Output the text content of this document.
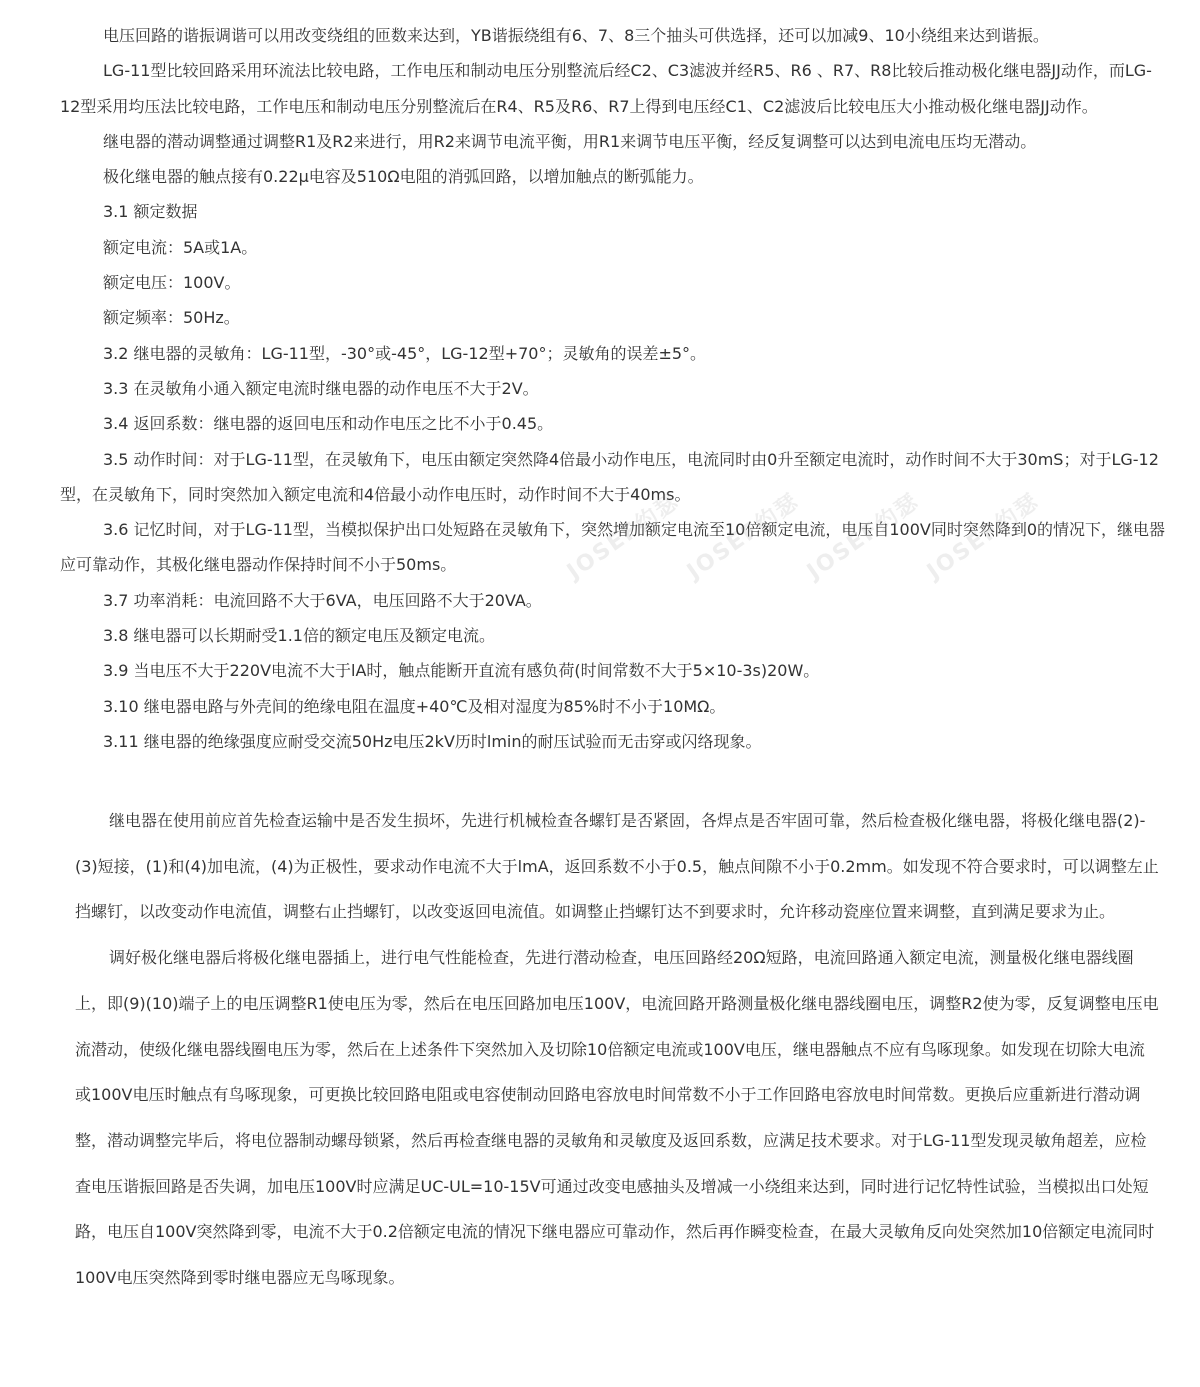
电压回路的谐振调谐可以用改变绕组的匝数来达到，YB谐振绕组有6、7、8三个抽头可供选择，还可以加减9、10小绕组来达到谐振。

LG-11型比较回路采用环流法比较电路，工作电压和制动电压分别整流后经C2、C3滤波并经R5、R6 、R7、R8比较后推动极化继电器JJ动作，而LG-12型采用均压法比较电路，工作电压和制动电压分别整流后在R4、R5及R6、R7上得到电压经C1、C2滤波后比较电压大小推动极化继电器JJ动作。

继电器的潜动调整通过调整R1及R2来进行，用R2来调节电流平衡，用R1来调节电压平衡，经反复调整可以达到电流电压均无潜动。

极化继电器的触点接有0.22μ电容及510Ω电阻的消弧回路，以增加触点的断弧能力。

3.1 额定数据

额定电流：5A或1A。

额定电压：100V。

额定频率：50Hz。

3.2 继电器的灵敏角：LG-11型，-30°或-45°，LG-12型+70°；灵敏角的误差±5°。

3.3 在灵敏角小通入额定电流时继电器的动作电压不大于2V。

3.4 返回系数：继电器的返回电压和动作电压之比不小于0.45。

3.5 动作时间：对于LG-11型，在灵敏角下，电压由额定突然降4倍最小动作电压，电流同时由0升至额定电流时，动作时间不大于30mS；对于LG-12型，在灵敏角下，同时突然加入额定电流和4倍最小动作电压时，动作时间不大于40ms。

3.6 记忆时间，对于LG-11型，当模拟保护出口处短路在灵敏角下，突然增加额定电流至10倍额定电流，电压自100V同时突然降到0的情况下，继电器应可靠动作，其极化继电器动作保持时间不小于50ms。

3.7 功率消耗：电流回路不大于6VA，电压回路不大于20VA。

3.8 继电器可以长期耐受1.1倍的额定电压及额定电流。

3.9 当电压不大于220V电流不大于lA时，触点能断开直流有感负荷(时间常数不大于5×10-3s)20W。

3.10 继电器电路与外壳间的绝缘电阻在温度+40℃及相对湿度为85%时不小于10MΩ。

3.11 继电器的绝缘强度应耐受交流50Hz电压2kV历时lmin的耐压试验而无击穿或闪络现象。

继电器在使用前应首先检查运输中是否发生损坏，先进行机械检查各螺钉是否紧固，各焊点是否牢固可靠，然后检查极化继电器，将极化继电器(2)-(3)短接，(1)和(4)加电流，(4)为正极性，要求动作电流不大于lmA，返回系数不小于0.5，触点间隙不小于0.2mm。如发现不符合要求时，可以调整左止挡螺钉，以改变动作电流值，调整右止挡螺钉，以改变返回电流值。如调整止挡螺钉达不到要求时，允许移动瓷座位置来调整，直到满足要求为止。

调好极化继电器后将极化继电器插上，进行电气性能检查，先进行潜动检查，电压回路经20Ω短路，电流回路通入额定电流，测量极化继电器线圈上，即(9)(10)端子上的电压调整R1使电压为零，然后在电压回路加电压100V，电流回路开路测量极化继电器线圈电压，调整R2使为零，反复调整电压电流潜动，使级化继电器线圈电压为零，然后在上述条件下突然加入及切除10倍额定电流或100V电压，继电器触点不应有鸟啄现象。如发现在切除大电流或100V电压时触点有鸟啄现象，可更换比较回路电阻或电容使制动回路电容放电时间常数不小于工作回路电容放电时间常数。更换后应重新进行潜动调整，潜动调整完毕后，将电位器制动螺母锁紧，然后再检查继电器的灵敏角和灵敏度及返回系数，应满足技术要求。对于LG-11型发现灵敏角超差，应检查电压谐振回路是否失调，加电压100V时应满足UC-UL=10-15V可通过改变电感抽头及增减一小绕组来达到，同时进行记忆特性试验，当模拟出口处短路，电压自100V突然降到零，电流不大于0.2倍额定电流的情况下继电器应可靠动作，然后再作瞬变检查，在最大灵敏角反向处突然加10倍额定电流同时100V电压突然降到零时继电器应无鸟啄现象。

JOSEF约瑟
JOSEF约瑟
JOSEF约瑟
JOSEF约瑟
